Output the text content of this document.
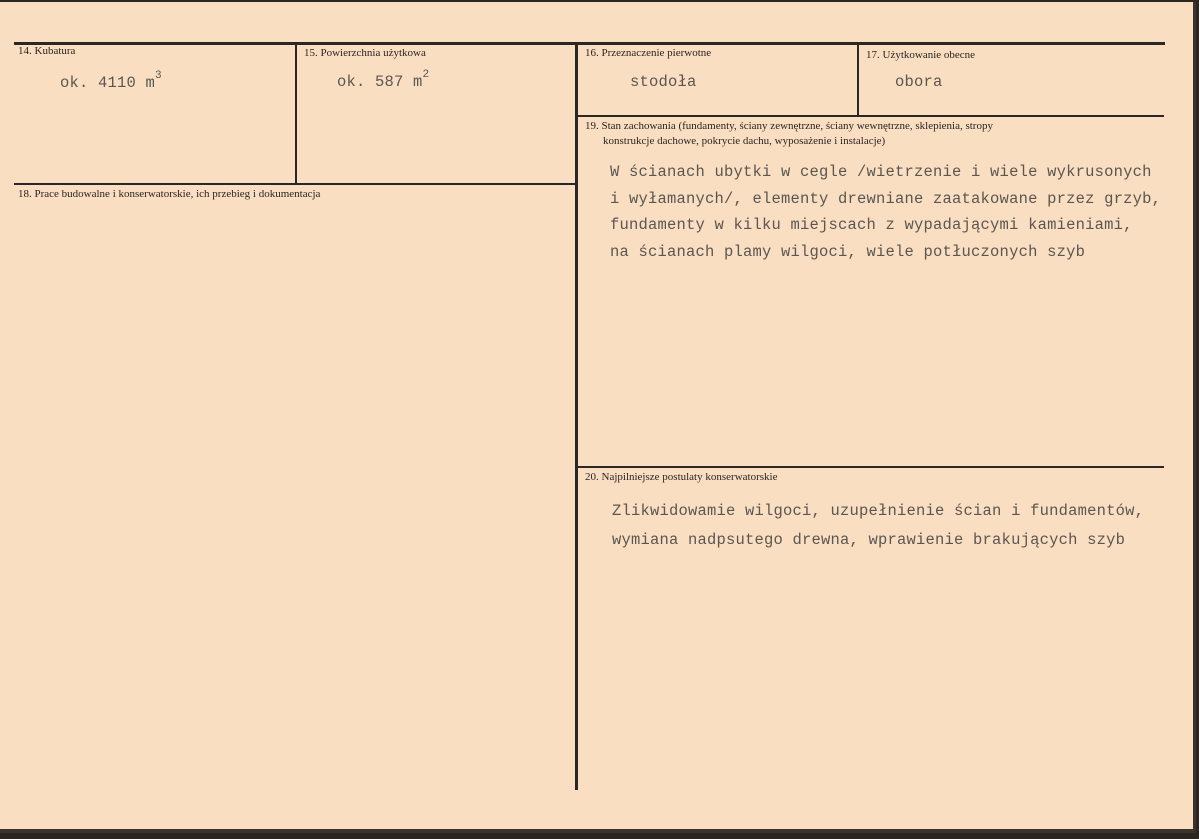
14. Kubatura
ok. 4110 $m^3$
15. Powierzchnia użytkowa
ok. 587 $m^2$
16. Przeznaczenie pierwotne
stodoła
17. Użytkowanie obecne
obora
18. Prace budowalne i konserwatorskie, ich przebieg i dokumentacja
19. Stan zachowania (fundamenty, ściany zewnętrzne, ściany wewnętrzne, sklepienia, stropy
konstrukcje dachowe, pokrycie dachu, wyposażenie i instalacje)
W ścianach ubytki w cegle /wietrzenie i wiele wykrusonych
i wyłamanych/, elementy drewniane zaatakowane przez grzyb,
fundamenty w kilku miejscach z wypadającymi kamieniami,
na ścianach plamy wilgoci, wiele potłuczonych szyb
20. Najpilniejsze postulaty konserwatorskie
Zlikwidowamie wilgoci, uzupełnienie ścian i fundamentów,
wymiana nadpsutego drewna, wprawienie brakujących szyb
